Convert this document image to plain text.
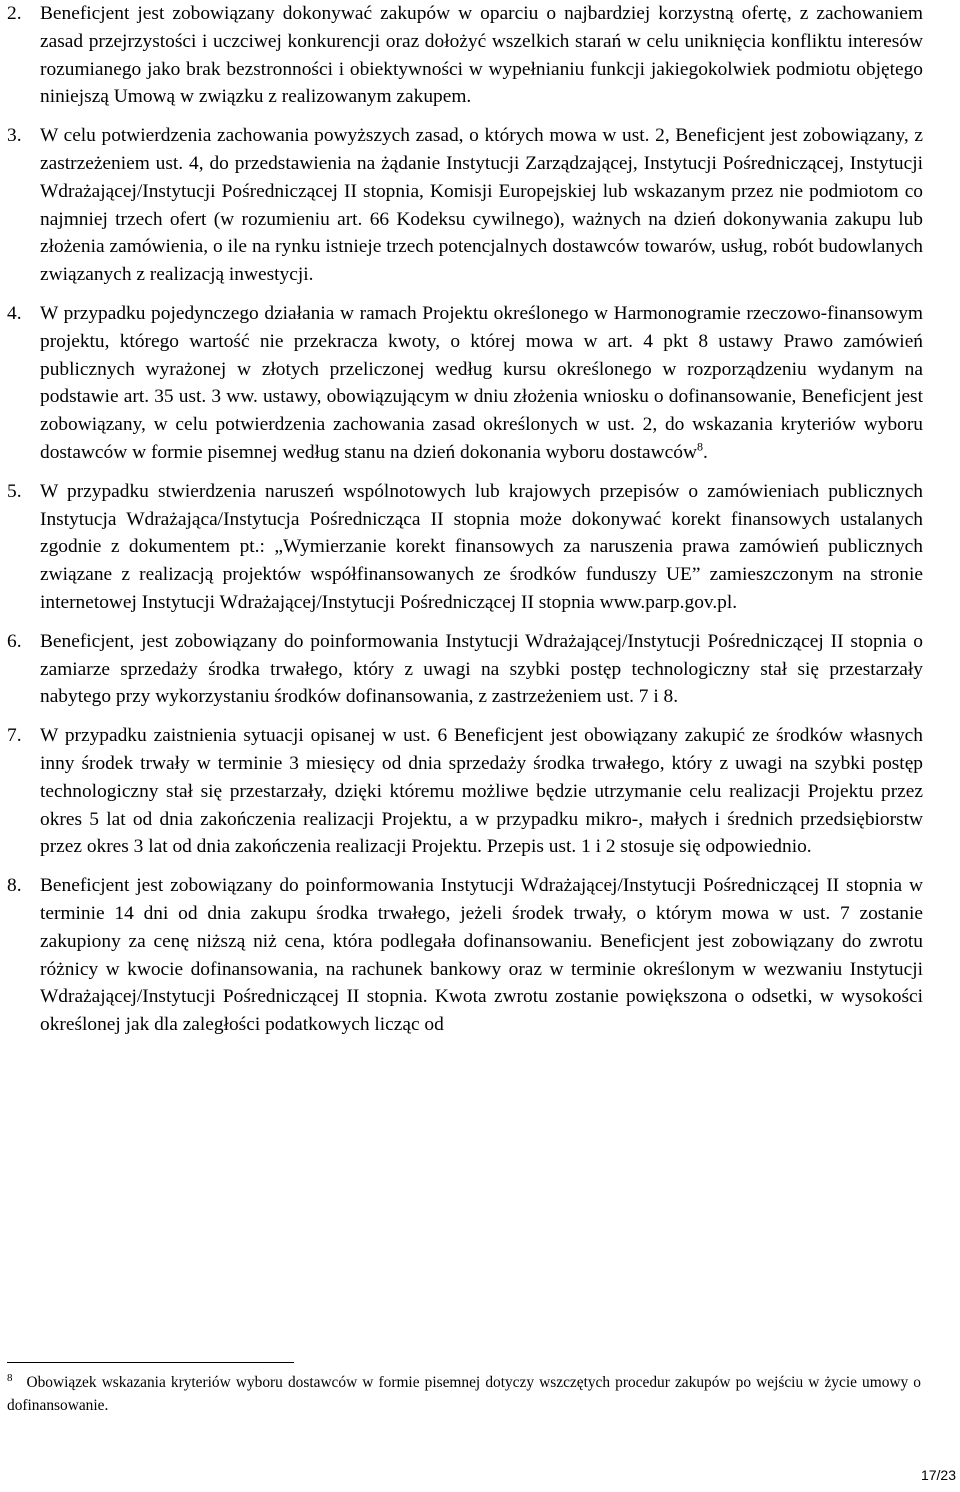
2. Beneficjent jest zobowiązany dokonywać zakupów w oparciu o najbardziej korzystną ofertę, z zachowaniem zasad przejrzystości i uczciwej konkurencji oraz dołożyć wszelkich starań w celu uniknięcia konfliktu interesów rozumianego jako brak bezstronności i obiektywności w wypełnianiu funkcji jakiegokolwiek podmiotu objętego niniejszą Umową w związku z realizowanym zakupem.
3. W celu potwierdzenia zachowania powyższych zasad, o których mowa w ust. 2, Beneficjent jest zobowiązany, z zastrzeżeniem ust. 4, do przedstawienia na żądanie Instytucji Zarządzającej, Instytucji Pośredniczącej, Instytucji Wdrażającej/Instytucji Pośredniczącej II stopnia, Komisji Europejskiej lub wskazanym przez nie podmiotom co najmniej trzech ofert (w rozumieniu art. 66 Kodeksu cywilnego), ważnych na dzień dokonywania zakupu lub złożenia zamówienia, o ile na rynku istnieje trzech potencjalnych dostawców towarów, usług, robót budowlanych związanych z realizacją inwestycji.
4. W przypadku pojedynczego działania w ramach Projektu określonego w Harmonogramie rzeczowo-finansowym projektu, którego wartość nie przekracza kwoty, o której mowa w art. 4 pkt 8 ustawy Prawo zamówień publicznych wyrażonej w złotych przeliczonej według kursu określonego w rozporządzeniu wydanym na podstawie art. 35 ust. 3 ww. ustawy, obowiązującym w dniu złożenia wniosku o dofinansowanie, Beneficjent jest zobowiązany, w celu potwierdzenia zachowania zasad określonych w ust. 2, do wskazania kryteriów wyboru dostawców w formie pisemnej według stanu na dzień dokonania wyboru dostawców$^8$.
5. W przypadku stwierdzenia naruszeń wspólnotowych lub krajowych przepisów o zamówieniach publicznych Instytucja Wdrażająca/Instytucja Pośrednicząca II stopnia może dokonywać korekt finansowych ustalanych zgodnie z dokumentem pt.: „Wymierzanie korekt finansowych za naruszenia prawa zamówień publicznych związane z realizacją projektów współfinansowanych ze środków funduszy UE” zamieszczonym na stronie internetowej Instytucji Wdrażającej/Instytucji Pośredniczącej II stopnia www.parp.gov.pl.
6. Beneficjent, jest zobowiązany do poinformowania Instytucji Wdrażającej/Instytucji Pośredniczącej II stopnia o zamiarze sprzedaży środka trwałego, który z uwagi na szybki postęp technologiczny stał się przestarzały nabytego przy wykorzystaniu środków dofinansowania, z zastrzeżeniem ust. 7 i 8.
7. W przypadku zaistnienia sytuacji opisanej w ust. 6 Beneficjent jest obowiązany zakupić ze środków własnych inny środek trwały w terminie 3 miesięcy od dnia sprzedaży środka trwałego, który z uwagi na szybki postęp technologiczny stał się przestarzały, dzięki któremu możliwe będzie utrzymanie celu realizacji Projektu przez okres 5 lat od dnia zakończenia realizacji Projektu, a w przypadku mikro-, małych i średnich przedsiębiorstw przez okres 3 lat od dnia zakończenia realizacji Projektu. Przepis ust. 1 i 2 stosuje się odpowiednio.
8. Beneficjent jest zobowiązany do poinformowania Instytucji Wdrażającej/Instytucji Pośredniczącej II stopnia w terminie 14 dni od dnia zakupu środka trwałego, jeżeli środek trwały, o którym mowa w ust. 7 zostanie zakupiony za cenę niższą niż cena, która podlegała dofinansowaniu. Beneficjent jest zobowiązany do zwrotu różnicy w kwocie dofinansowania, na rachunek bankowy oraz w terminie określonym w wezwaniu Instytucji Wdrażającej/Instytucji Pośredniczącej II stopnia. Kwota zwrotu zostanie powiększona o odsetki, w wysokości określonej jak dla zaległości podatkowych licząc od
$^8$ Obowiązek wskazania kryteriów wyboru dostawców w formie pisemnej dotyczy wszczętych procedur zakupów po wejściu w życie umowy o dofinansowanie.
17/23
